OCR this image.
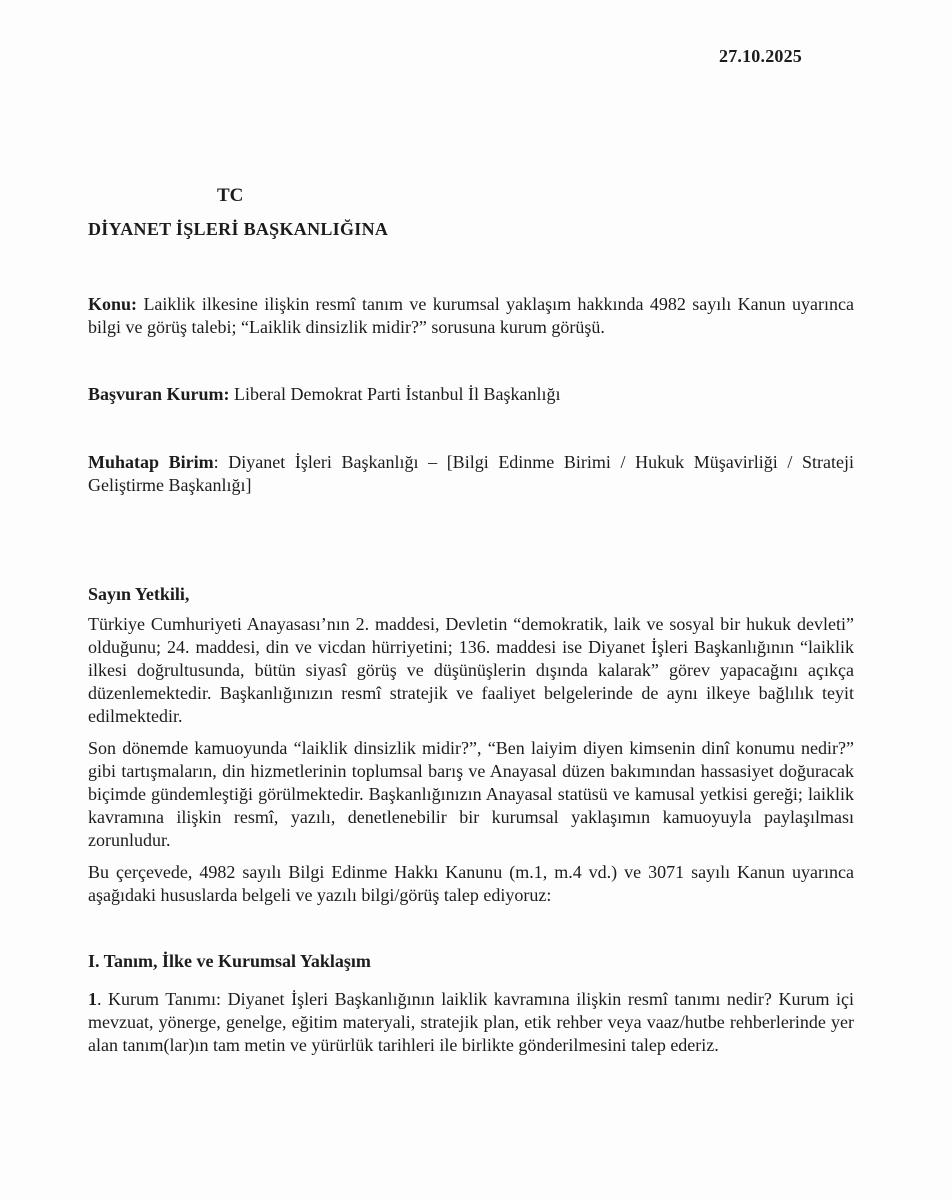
27.10.2025
TC
DİYANET İŞLERİ BAŞKANLIĞINA
Konu: Laiklik ilkesine ilişkin resmî tanım ve kurumsal yaklaşım hakkında 4982 sayılı Kanun uyarınca bilgi ve görüş talebi; “Laiklik dinsizlik midir?” sorusuna kurum görüşü.
Başvuran Kurum: Liberal Demokrat Parti İstanbul İl Başkanlığı
Muhatap Birim: Diyanet İşleri Başkanlığı – [Bilgi Edinme Birimi / Hukuk Müşavirliği / Strateji Geliştirme Başkanlığı]
Sayın Yetkili,
Türkiye Cumhuriyeti Anayasası’nın 2. maddesi, Devletin “demokratik, laik ve sosyal bir hukuk devleti” olduğunu; 24. maddesi, din ve vicdan hürriyetini; 136. maddesi ise Diyanet İşleri Başkanlığının “laiklik ilkesi doğrultusunda, bütün siyasî görüş ve düşünüşlerin dışında kalarak” görev yapacağını açıkça düzenlemektedir. Başkanlığınızın resmî stratejik ve faaliyet belgelerinde de aynı ilkeye bağlılık teyit edilmektedir.
Son dönemde kamuoyunda “laiklik dinsizlik midir?”, “Ben laiyim diyen kimsenin dinî konumu nedir?” gibi tartışmaların, din hizmetlerinin toplumsal barış ve Anayasal düzen bakımından hassasiyet doğuracak biçimde gündemleştiği görülmektedir. Başkanlığınızın Anayasal statüsü ve kamusal yetkisi gereği; laiklik kavramına ilişkin resmî, yazılı, denetlenebilir bir kurumsal yaklaşımın kamuoyuyla paylaşılması zorunludur.
Bu çerçevede, 4982 sayılı Bilgi Edinme Hakkı Kanunu (m.1, m.4 vd.) ve 3071 sayılı Kanun uyarınca aşağıdaki hususlarda belgeli ve yazılı bilgi/görüş talep ediyoruz:
I. Tanım, İlke ve Kurumsal Yaklaşım
1. Kurum Tanımı: Diyanet İşleri Başkanlığının laiklik kavramına ilişkin resmî tanımı nedir? Kurum içi mevzuat, yönerge, genelge, eğitim materyali, stratejik plan, etik rehber veya vaaz/hutbe rehberlerinde yer alan tanım(lar)ın tam metin ve yürürlük tarihleri ile birlikte gönderilmesini talep ederiz.
